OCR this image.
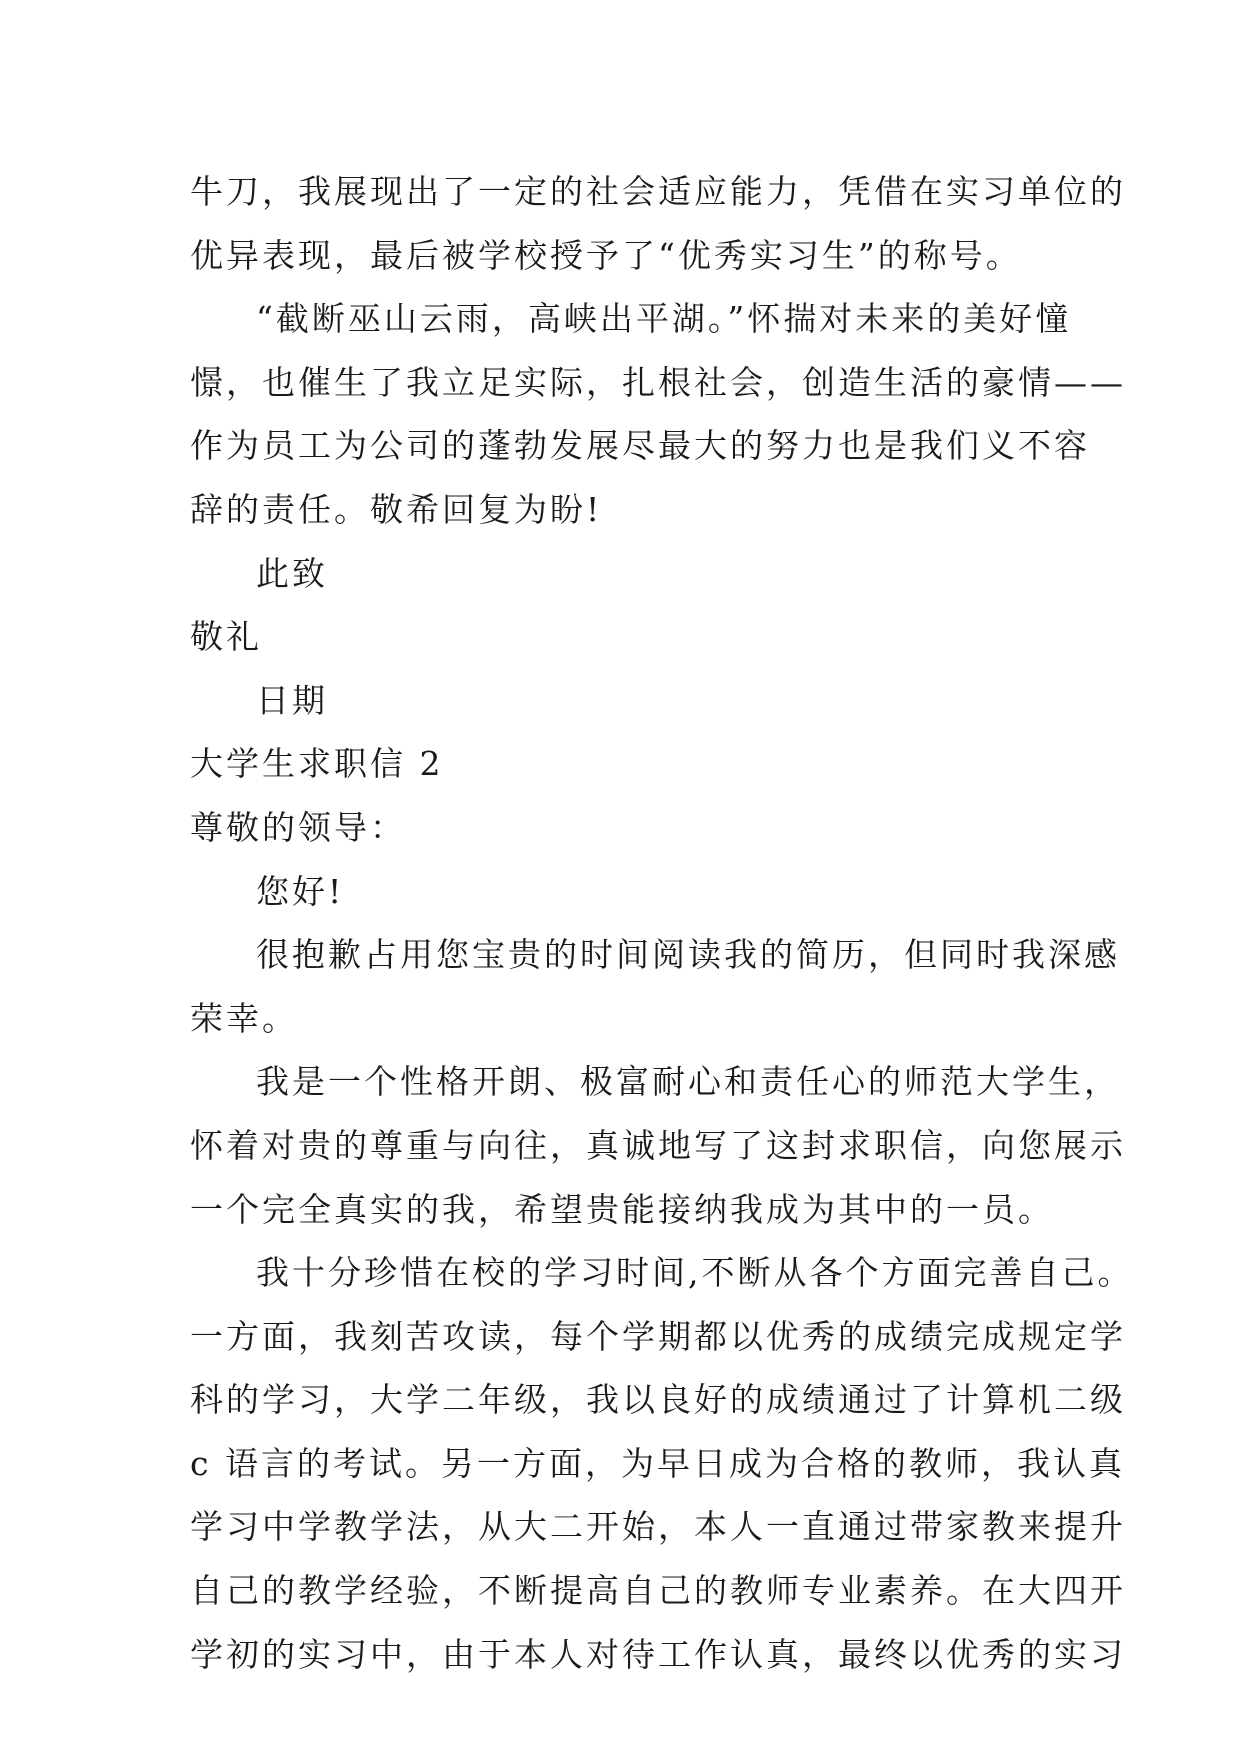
牛刀，我展现出了一定的社会适应能力，凭借在实习单位的
优异表现，最后被学校授予了“优秀实习生”的称号。
“截断巫山云雨，高峡出平湖。”怀揣对未来的美好憧
憬，也催生了我立足实际，扎根社会，创造生活的豪情——
作为员工为公司的蓬勃发展尽最大的努力也是我们义不容
辞的责任。敬希回复为盼!
此致
敬礼
日期
大学生求职信 2
尊敬的领导：
您好!
很抱歉占用您宝贵的时间阅读我的简历，但同时我深感
荣幸。
我是一个性格开朗、极富耐心和责任心的师范大学生，
怀着对贵的尊重与向往，真诚地写了这封求职信，向您展示
一个完全真实的我，希望贵能接纳我成为其中的一员。
我十分珍惜在校的学习时间,不断从各个方面完善自己。
一方面，我刻苦攻读，每个学期都以优秀的成绩完成规定学
科的学习，大学二年级，我以良好的成绩通过了计算机二级
c 语言的考试。另一方面，为早日成为合格的教师，我认真
学习中学教学法，从大二开始，本人一直通过带家教来提升
自己的教学经验，不断提高自己的教师专业素养。在大四开
学初的实习中，由于本人对待工作认真，最终以优秀的实习
